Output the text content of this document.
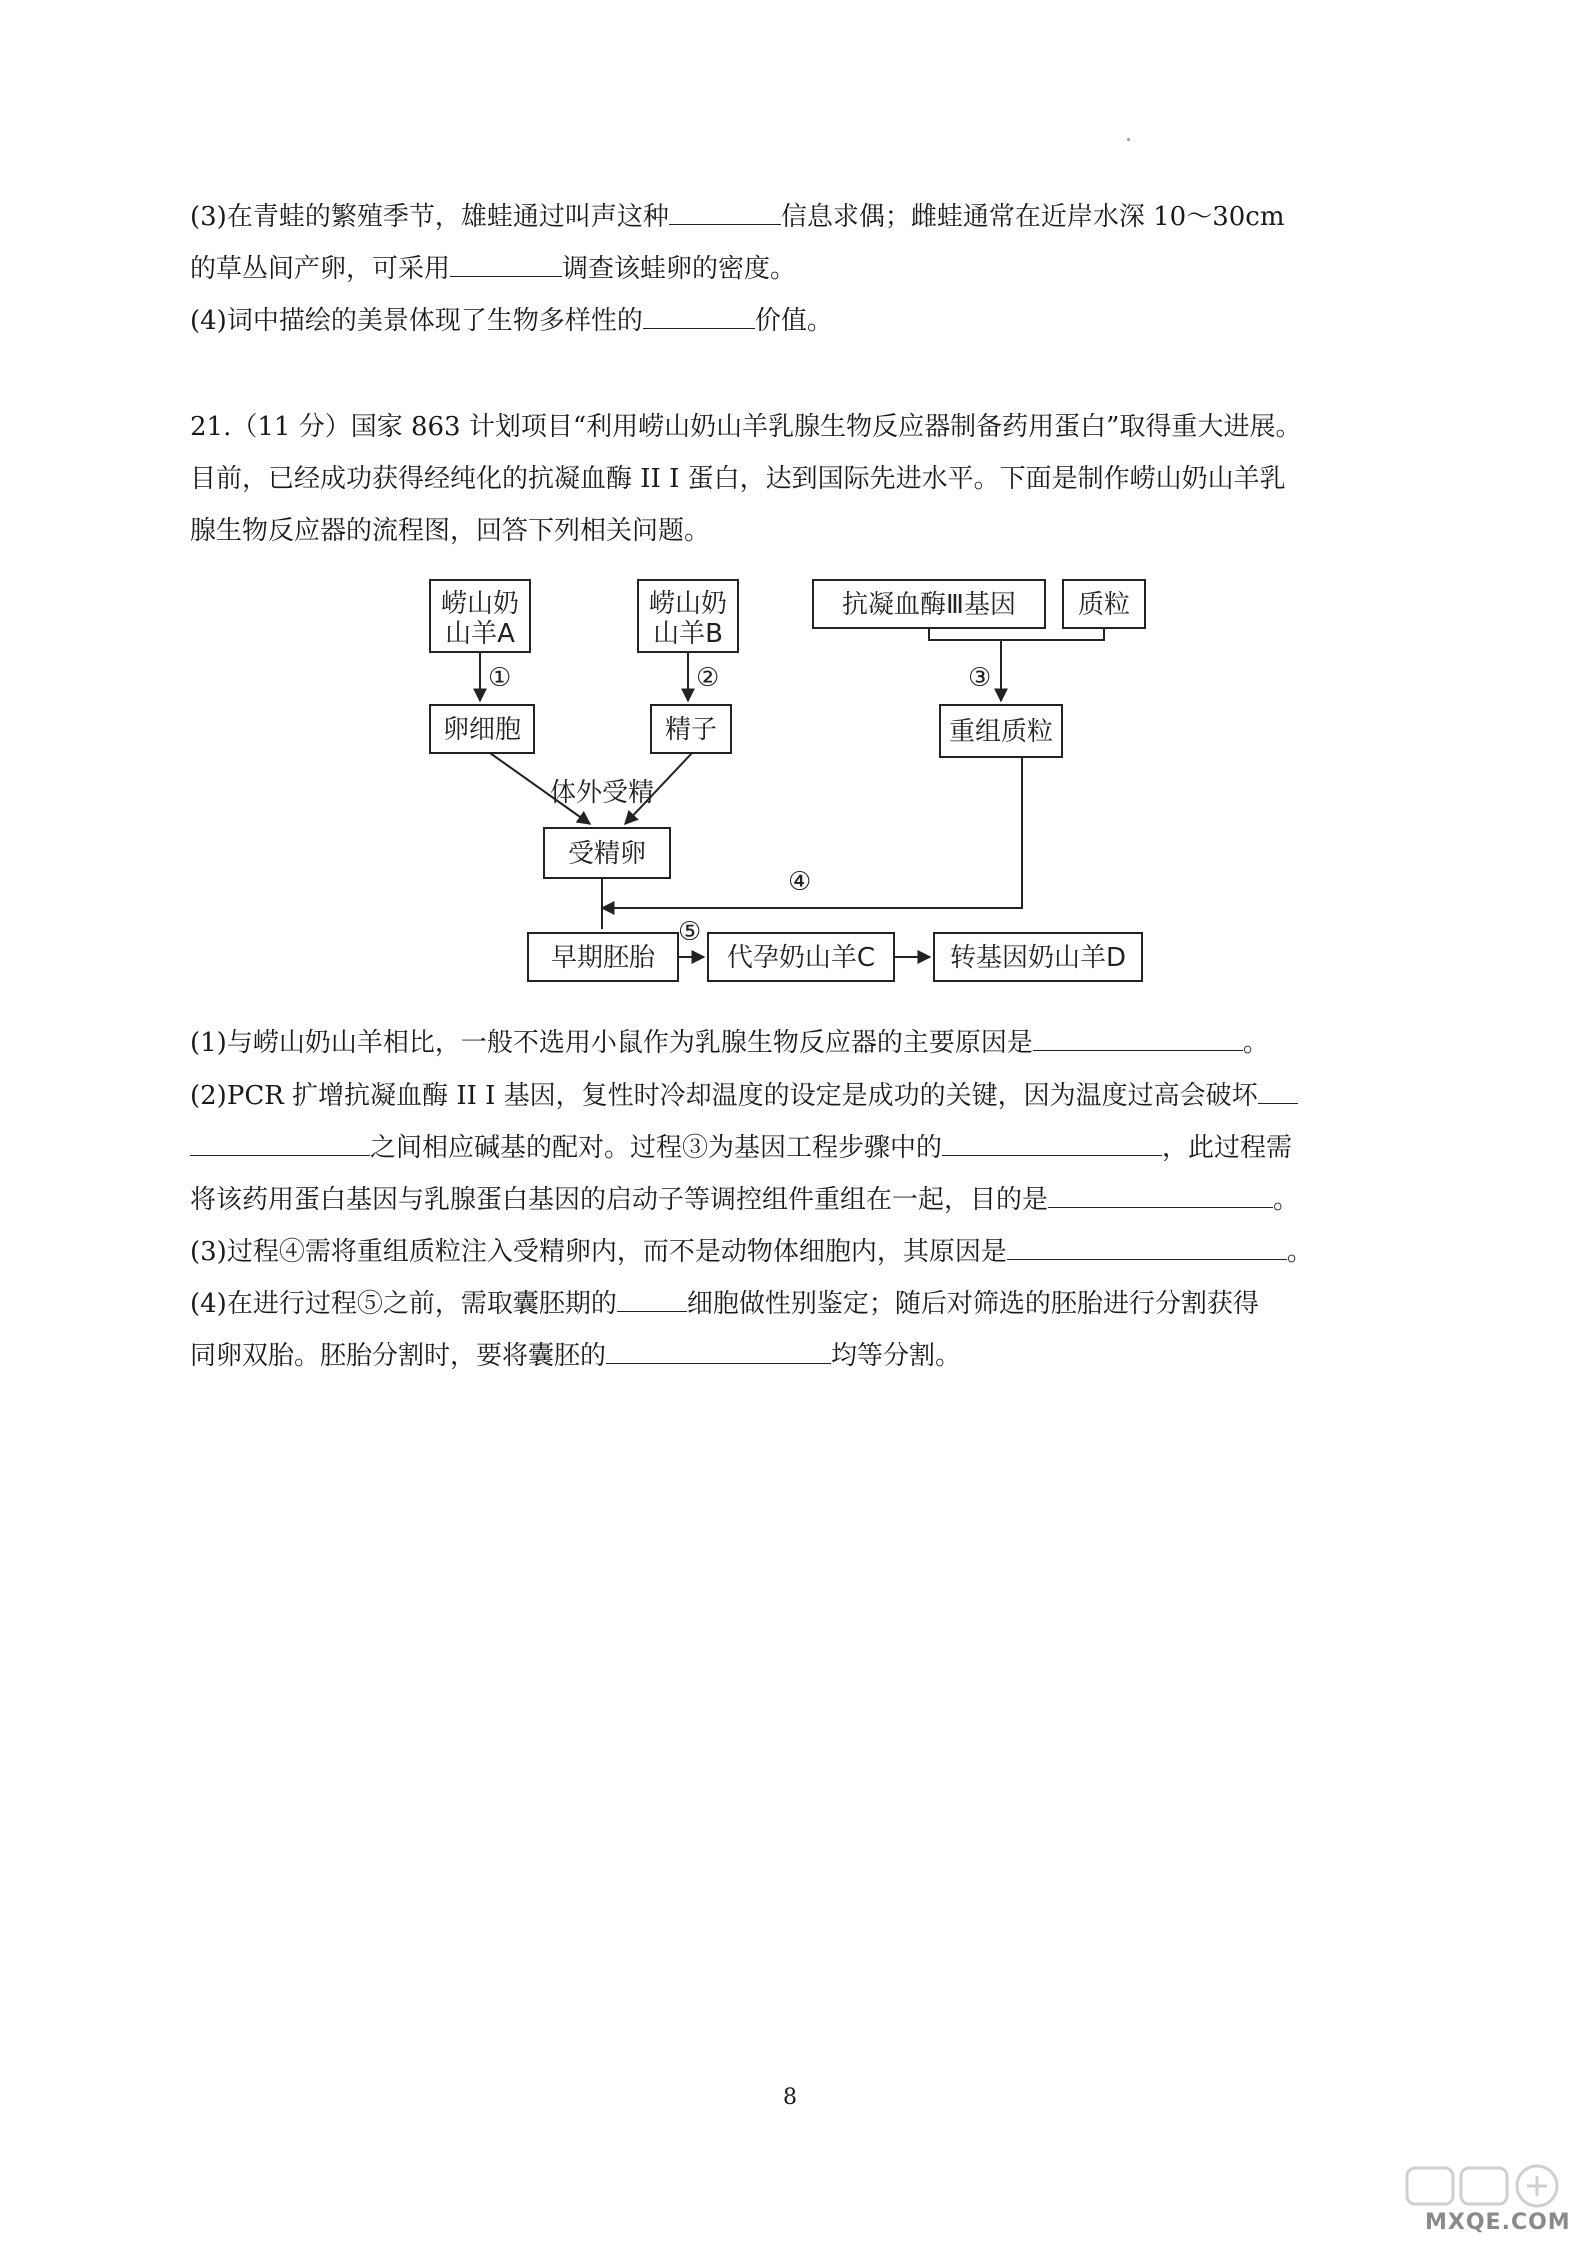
(3)在青蛙的繁殖季节，雄蛙通过叫声这种	信息求偶；雌蛙通常在近岸水深 10～30cm
的草丛间产卵，可采用	调查该蛙卵的密度。
(4)词中描绘的美景体现了生物多样性的	价值。
21.（11 分）国家 863 计划项目“利用崂山奶山羊乳腺生物反应器制备药用蛋白”取得重大进展。
目前，已经成功获得经纯化的抗凝血酶 II I 蛋白，达到国际先进水平。下面是制作崂山奶山羊乳
腺生物反应器的流程图，回答下列相关问题。
崂山奶
山羊A
崂山奶
山羊B
抗凝血酶Ⅲ基因 质粒
卵细胞	精子	重组质粒
体外受精
受精卵
早期胚胎	代孕奶山羊C	转基因奶山羊D
①	②	③
④
⑤
(1)与崂山奶山羊相比，一般不选用小鼠作为乳腺生物反应器的主要原因是	。
(2)PCR 扩增抗凝血酶 II I 基因，复性时冷却温度的设定是成功的关键，因为温度过高会破坏
之间相应碱基的配对。过程③为基因工程步骤中的	，此过程需
将该药用蛋白基因与乳腺蛋白基因的启动子等调控组件重组在一起，目的是	。
(3)过程④需将重组质粒注入受精卵内，而不是动物体细胞内，其原因是	。
(4)在进行过程⑤之前，需取囊胚期的	细胞做性别鉴定；随后对筛选的胚胎进行分割获得
同卵双胎。胚胎分割时，要将囊胚的	均等分割。
8
MXQE.COM
